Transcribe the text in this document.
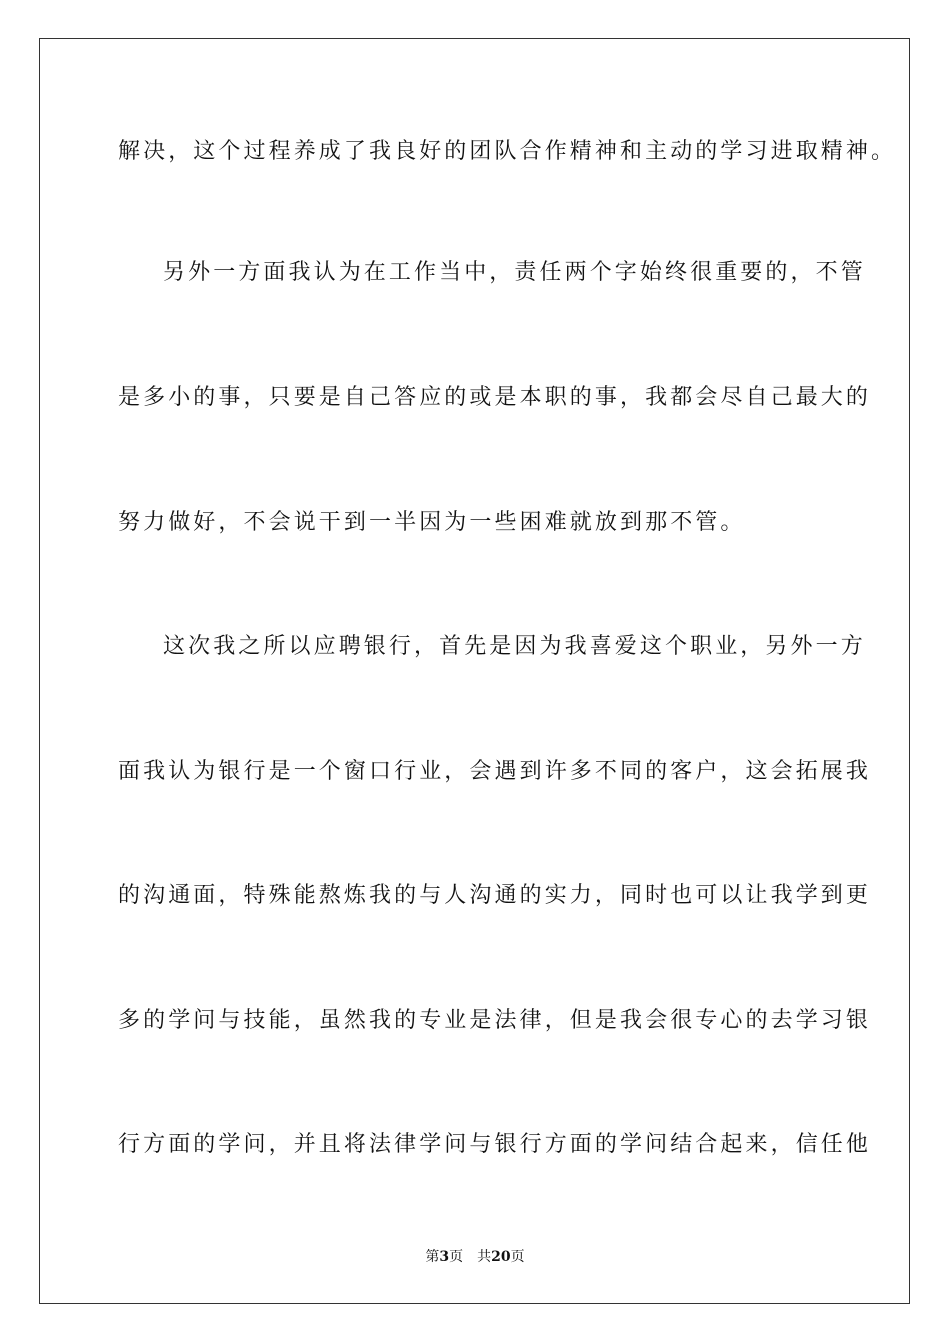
解决，这个过程养成了我良好的团队合作精神和主动的学习进取精神。
另外一方面我认为在工作当中，责任两个字始终很重要的，不管
是多小的事，只要是自己答应的或是本职的事，我都会尽自己最大的
努力做好，不会说干到一半因为一些困难就放到那不管。
这次我之所以应聘银行，首先是因为我喜爱这个职业，另外一方
面我认为银行是一个窗口行业，会遇到许多不同的客户，这会拓展我
的沟通面，特殊能熬炼我的与人沟通的实力，同时也可以让我学到更
多的学问与技能，虽然我的专业是法律，但是我会很专心的去学习银
行方面的学问，并且将法律学问与银行方面的学问结合起来，信任他
第3页 共20页
